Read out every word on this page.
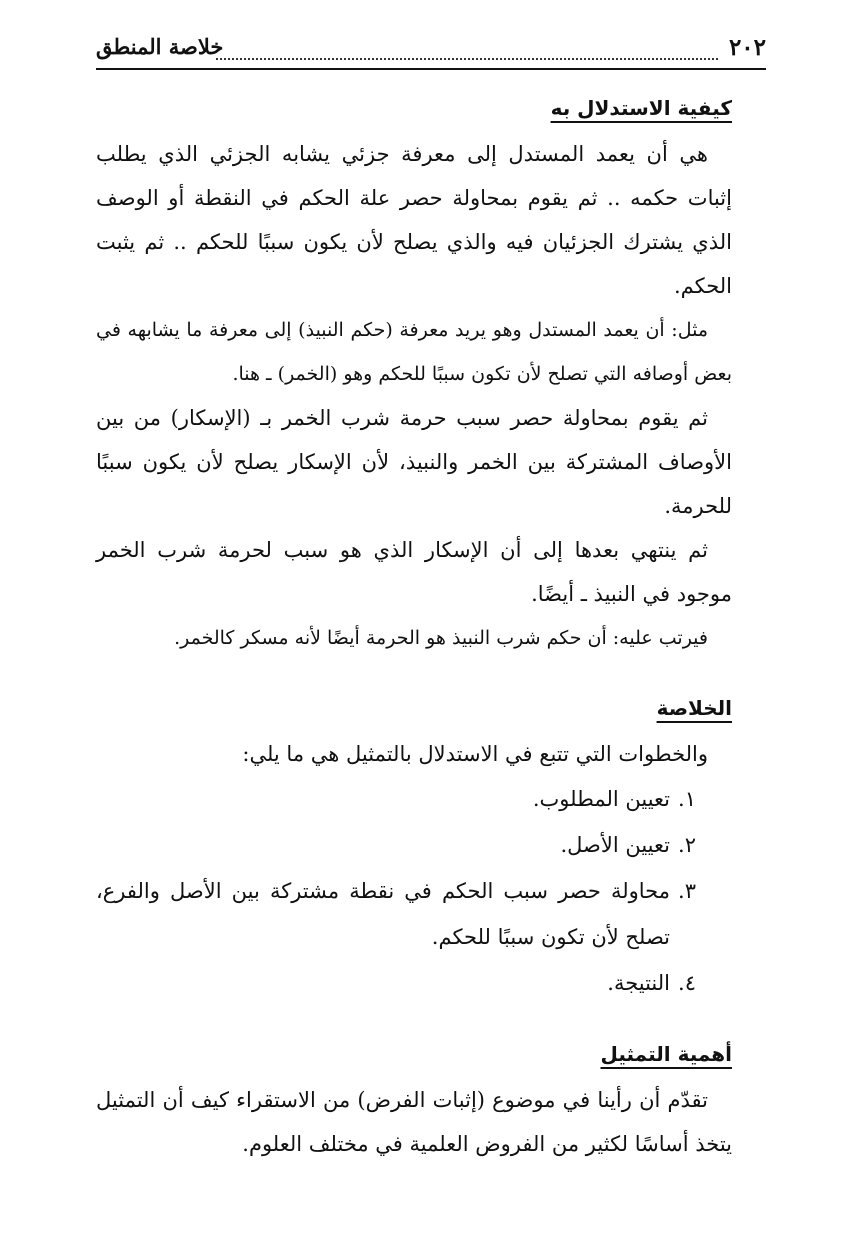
٢٠٢
خلاصة المنطق
كيفية الاستدلال به

هي أن يعمد المستدل إلى معرفة جزئي يشابه الجزئي الذي يطلب إثبات حكمه .. ثم يقوم بمحاولة حصر علة الحكم في النقطة أو الوصف الذي يشترك الجزئيان فيه والذي يصلح لأن يكون سببًا للحكم .. ثم يثبت الحكم.

مثل: أن يعمد المستدل وهو يريد معرفة (حكم النبيذ) إلى معرفة ما يشابهه في بعض أوصافه التي تصلح لأن تكون سببًا للحكم وهو (الخمر) ـ هنا.

ثم يقوم بمحاولة حصر سبب حرمة شرب الخمر بـ (الإسكار) من بين الأوصاف المشتركة بين الخمر والنبيذ، لأن الإسكار يصلح لأن يكون سببًا للحرمة.

ثم ينتهي بعدها إلى أن الإسكار الذي هو سبب لحرمة شرب الخمر موجود في النبيذ ـ أيضًا.

فيرتب عليه: أن حكم شرب النبيذ هو الحرمة أيضًا لأنه مسكر كالخمر.

الخلاصة

والخطوات التي تتبع في الاستدلال بالتمثيل هي ما يلي:

١.
تعيين المطلوب.
٢.
تعيين الأصل.
٣.
محاولة حصر سبب الحكم في نقطة مشتركة بين الأصل والفرع، تصلح لأن تكون سببًا للحكم.
٤.
النتيجة.
أهمية التمثيل

تقدّم أن رأينا في موضوع (إثبات الفرض) من الاستقراء كيف أن التمثيل يتخذ أساسًا لكثير من الفروض العلمية في مختلف العلوم.
